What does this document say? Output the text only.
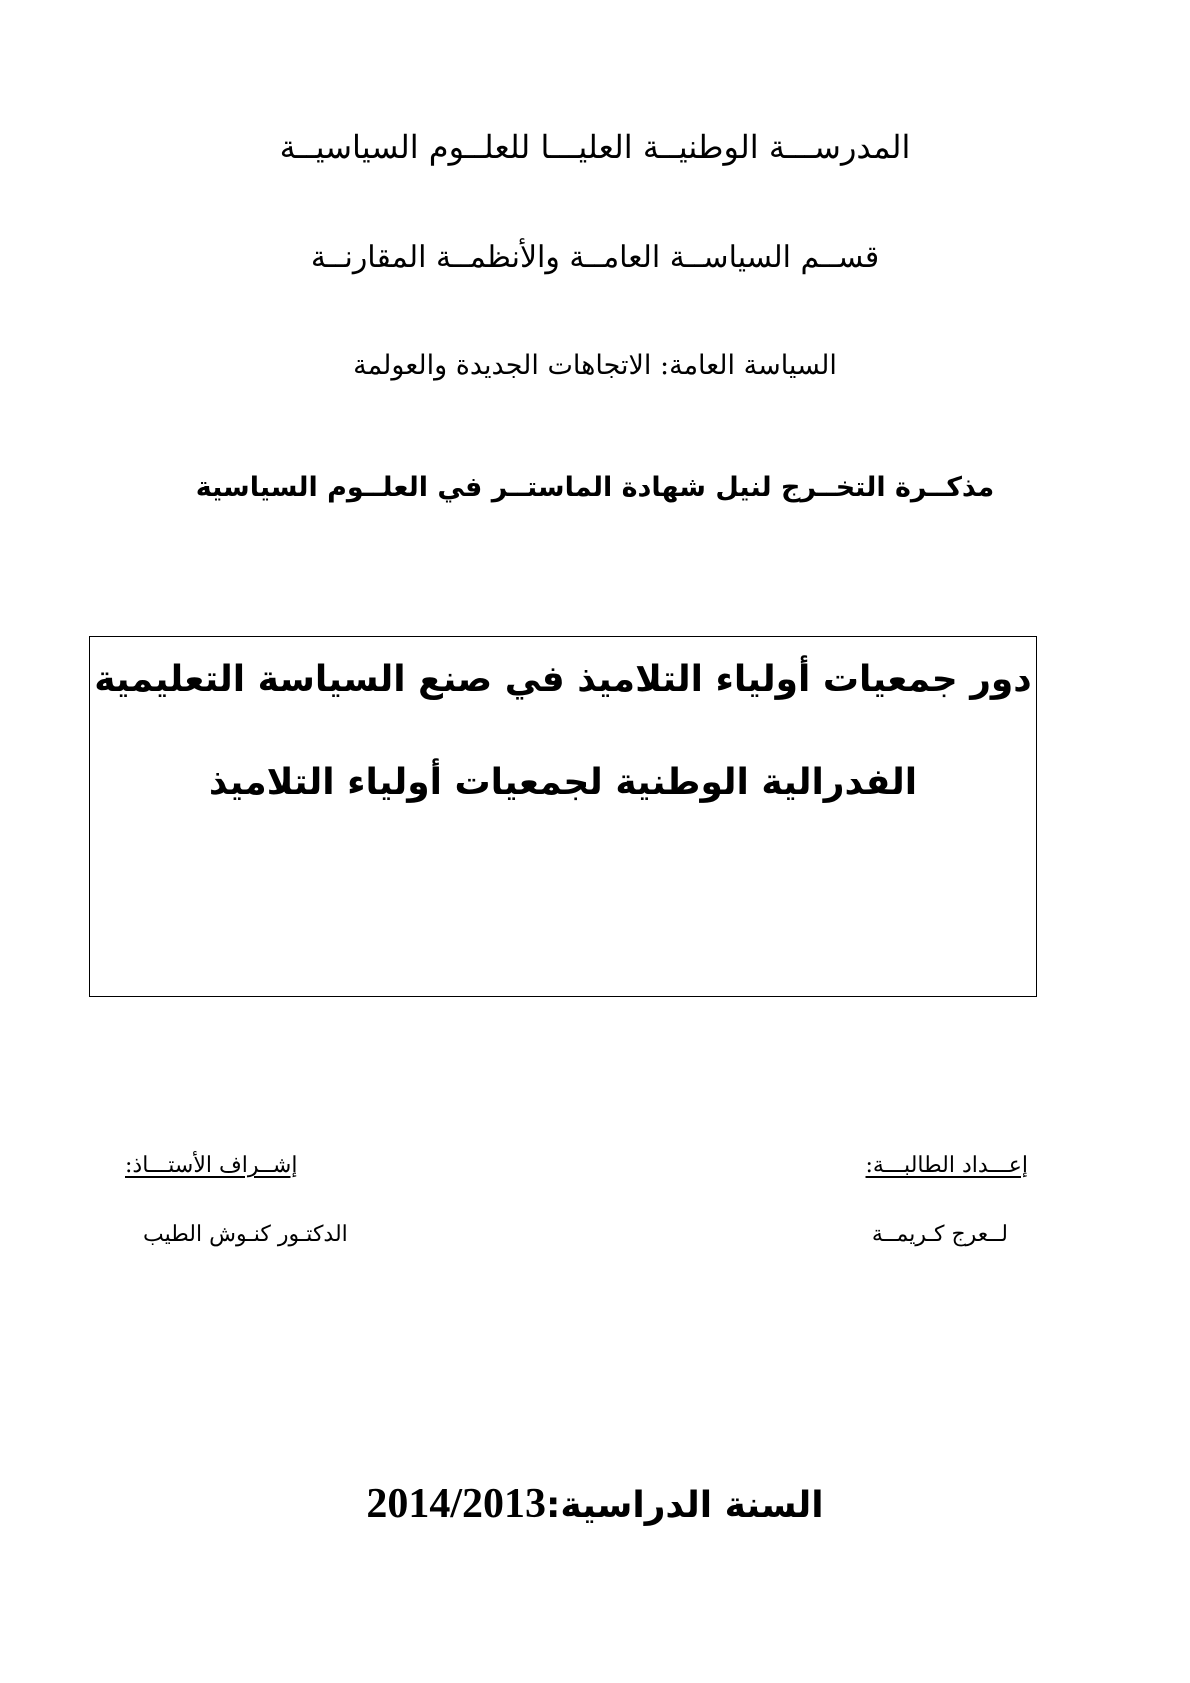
المدرســـة الوطنيــة العليـــا للعلــوم السياسيــة
قســم السياســة العامــة والأنظمــة المقارنــة
السياسة العامة: الاتجاهات الجديدة والعولمة
مذكــرة التخــرج لنيل شهادة الماستــر في العلــوم السياسية
دور جمعيات أولياء التلاميذ في صنع السياسة التعليمية
الفدرالية الوطنية لجمعيات أولياء التلاميذ
إعـــداد الطالبـــة:
إشــراف الأستـــاذ:
لــعرج كـريمــة
الدكتـور كنـوش الطيب
السنة الدراسية:2014/2013
